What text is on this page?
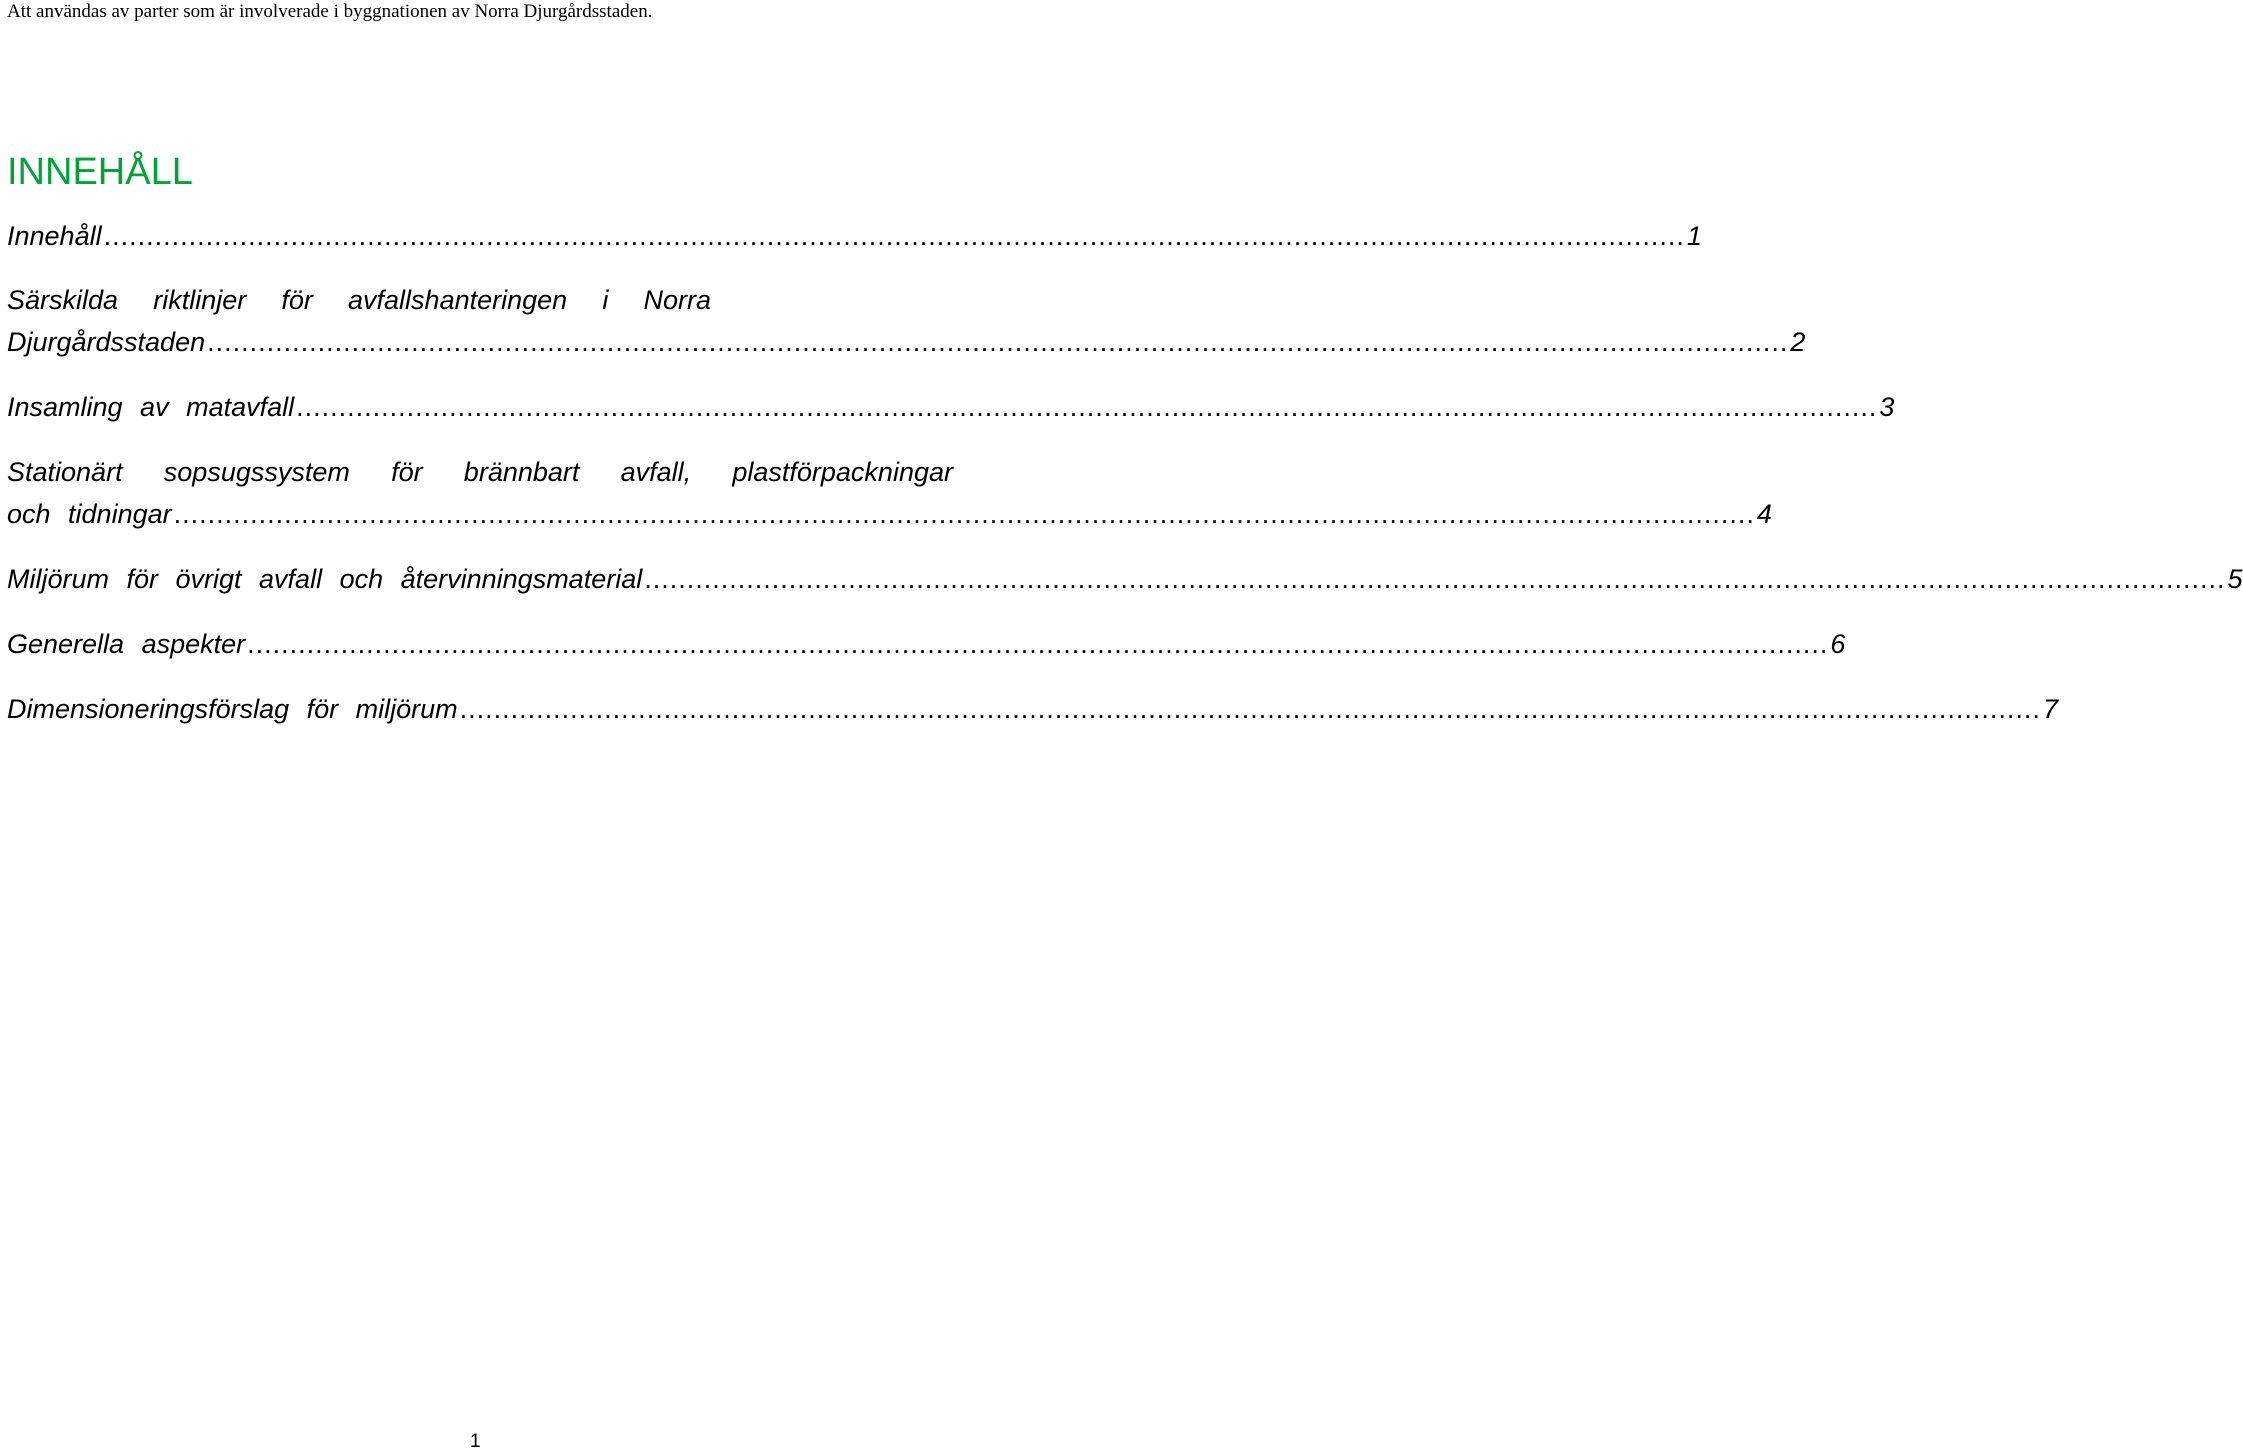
Att användas av parter som är involverade i byggnationen av Norra Djurgårdsstaden.
INNEHÅLL
Innehåll .......................................................................................................................................................................................... 1
Särskilda riktlinjer för avfallshanteringen i Norra
Djurgårdsstaden .......................................................................................................................................................................................... 2
Insamling av matavfall .......................................................................................................................................................................................... 3
Stationärt sopsugssystem för brännbart avfall, plastförpackningar
och tidningar .......................................................................................................................................................................................... 4
Miljörum för övrigt avfall och återvinningsmaterial .......................................................................................................................................................................................... 5
Generella aspekter .......................................................................................................................................................................................... 6
Dimensioneringsförslag för miljörum .......................................................................................................................................................................................... 7
1
